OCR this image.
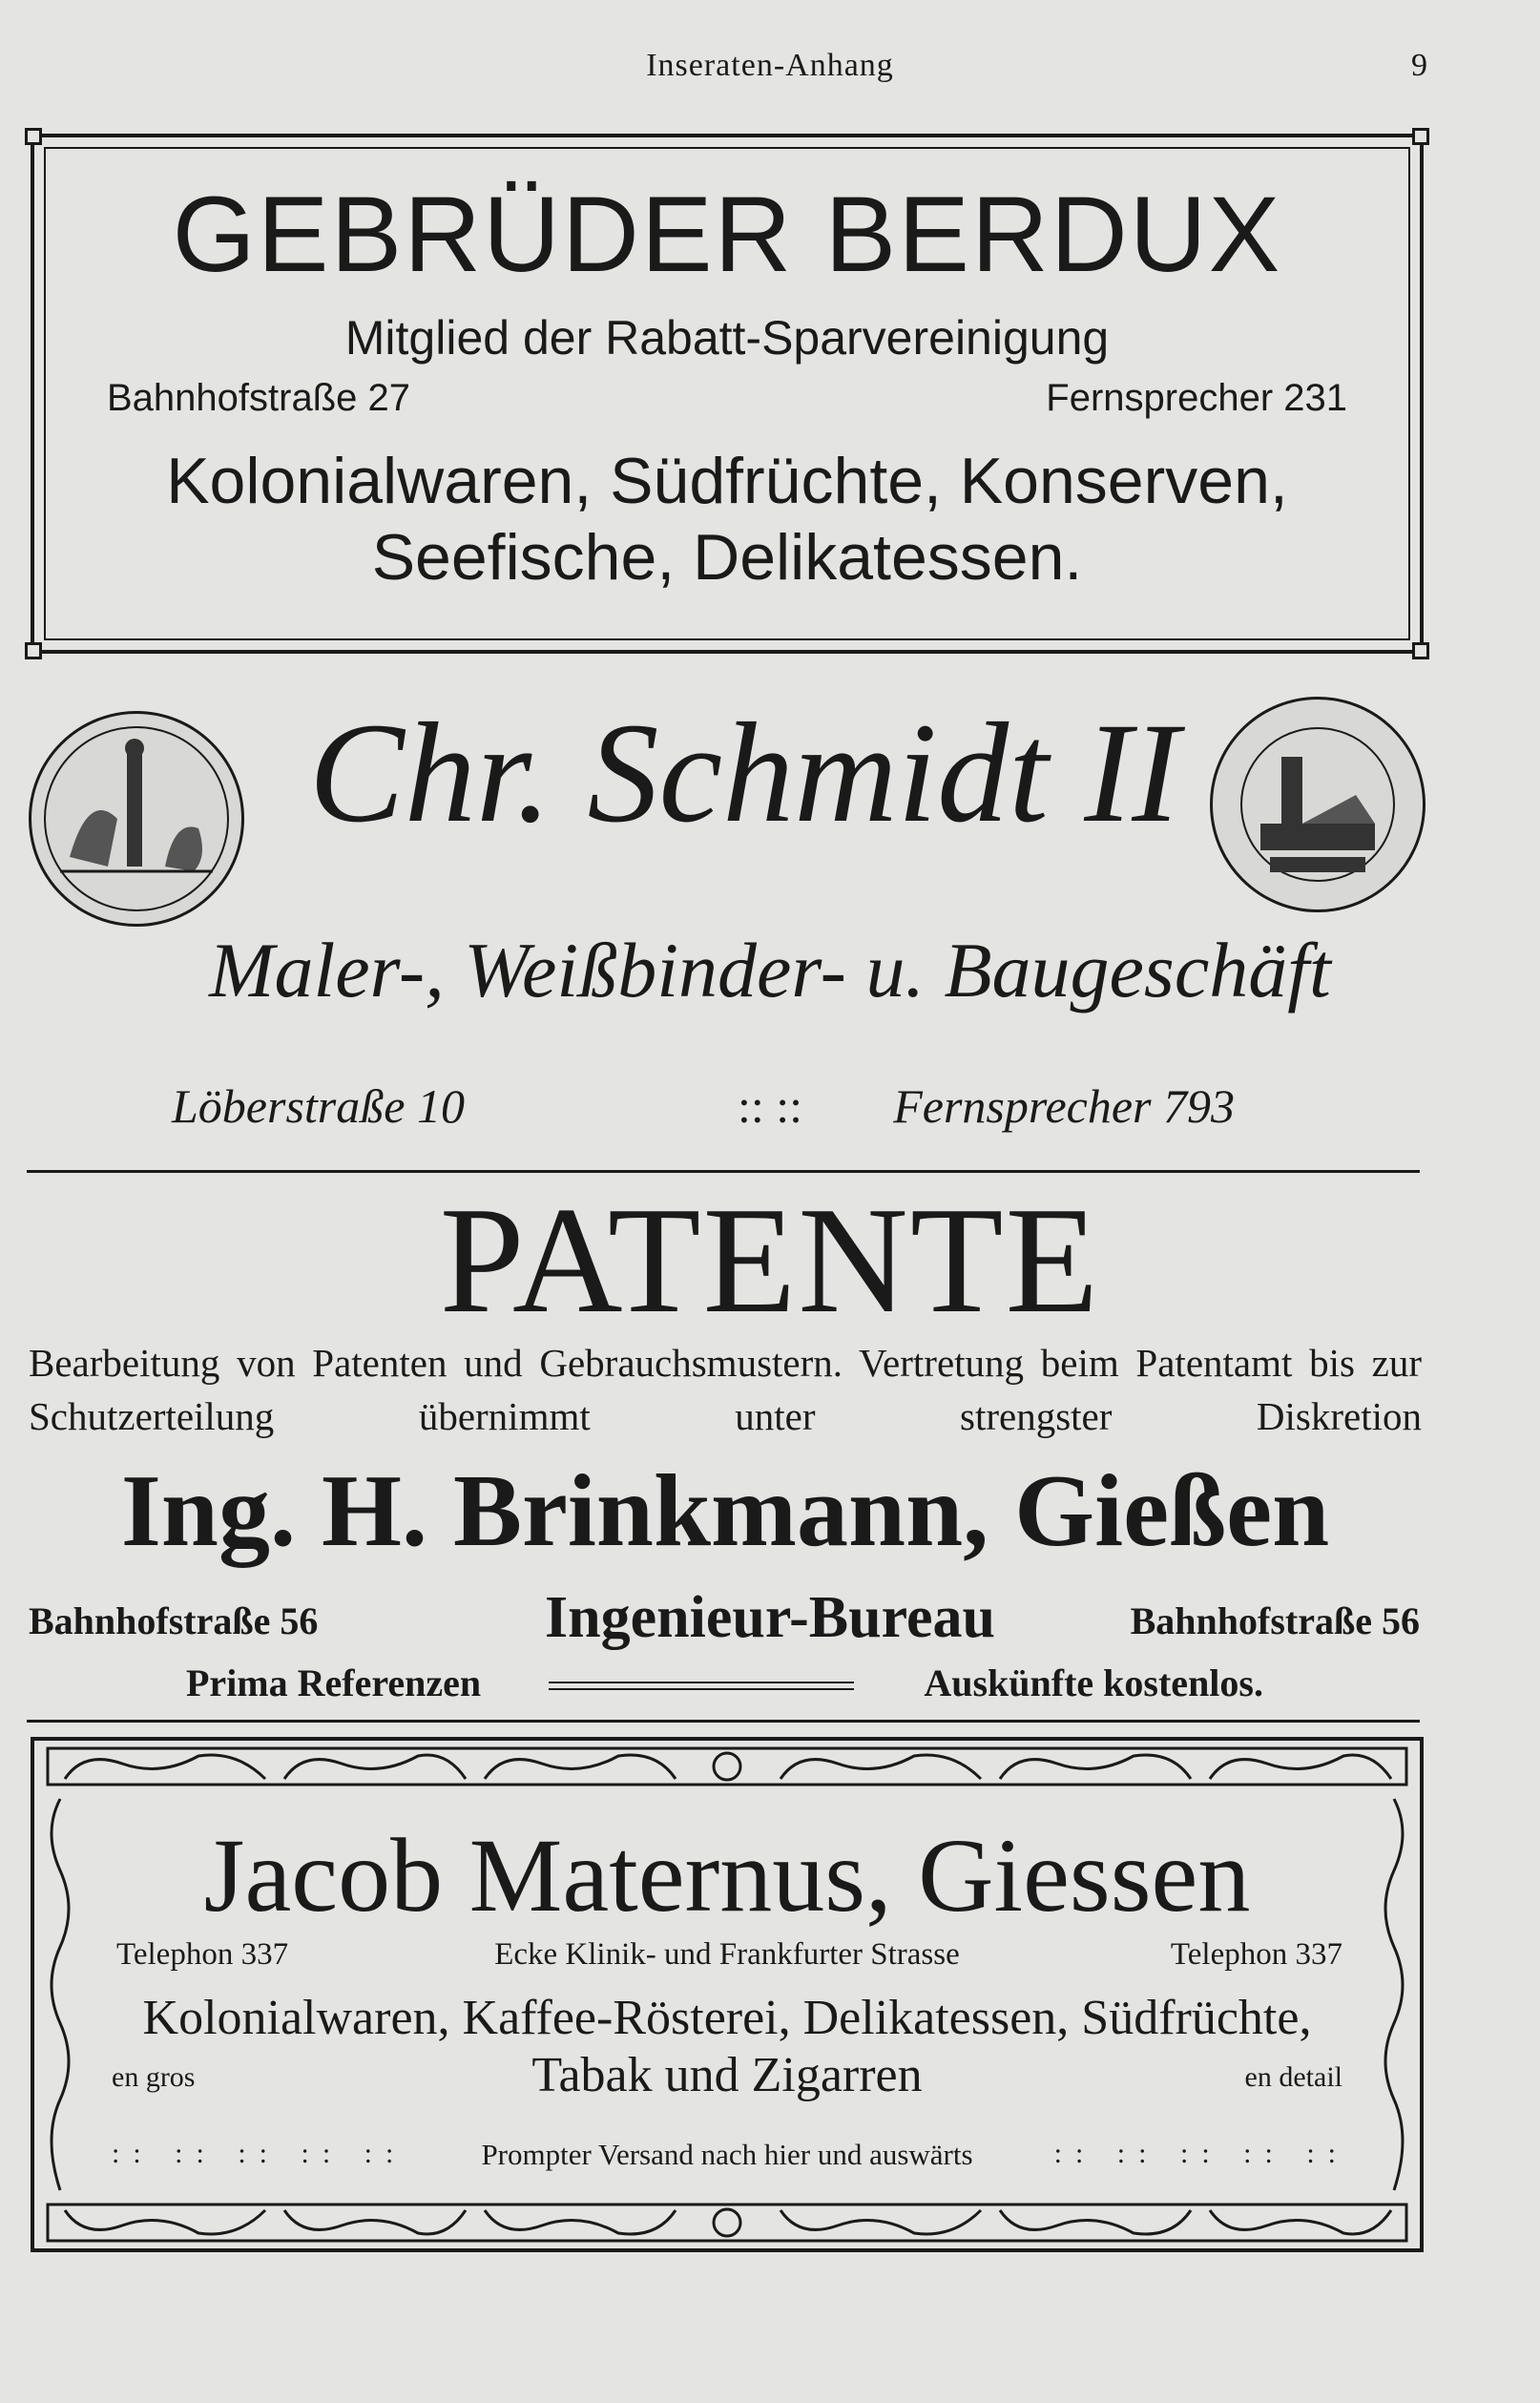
Inseraten-Anhang	9
GEBRÜDER BERDUX
Mitglied der Rabatt-Sparvereinigung
Bahnhofstraße 27	Fernsprecher 231
Kolonialwaren, Südfrüchte, Konserven,
Seefische, Delikatessen.
Chr. Schmidt II
Maler-, Weißbinder- u. Baugeschäft
Löberstraße 10	:: ::	Fernsprecher 793
PATENTE
Bearbeitung von Patenten und Gebrauchsmustern. Vertretung beim Patentamt bis zur Schutzerteilung übernimmt unter strengster Diskretion
Ing. H. Brinkmann, Gießen
Bahnhofstraße 56	Ingenieur-Bureau	Bahnhofstraße 56
Prima Referenzen	Auskünfte kostenlos.
Jacob Maternus, Giessen
Telephon 337	Ecke Klinik- und Frankfurter Strasse	Telephon 337
Kolonialwaren, Kaffee-Rösterei, Delikatessen, Südfrüchte,
en gros	Tabak und Zigarren	en detail
:: :: :: :: ::	Prompter Versand nach hier und auswärts	:: :: :: :: ::
